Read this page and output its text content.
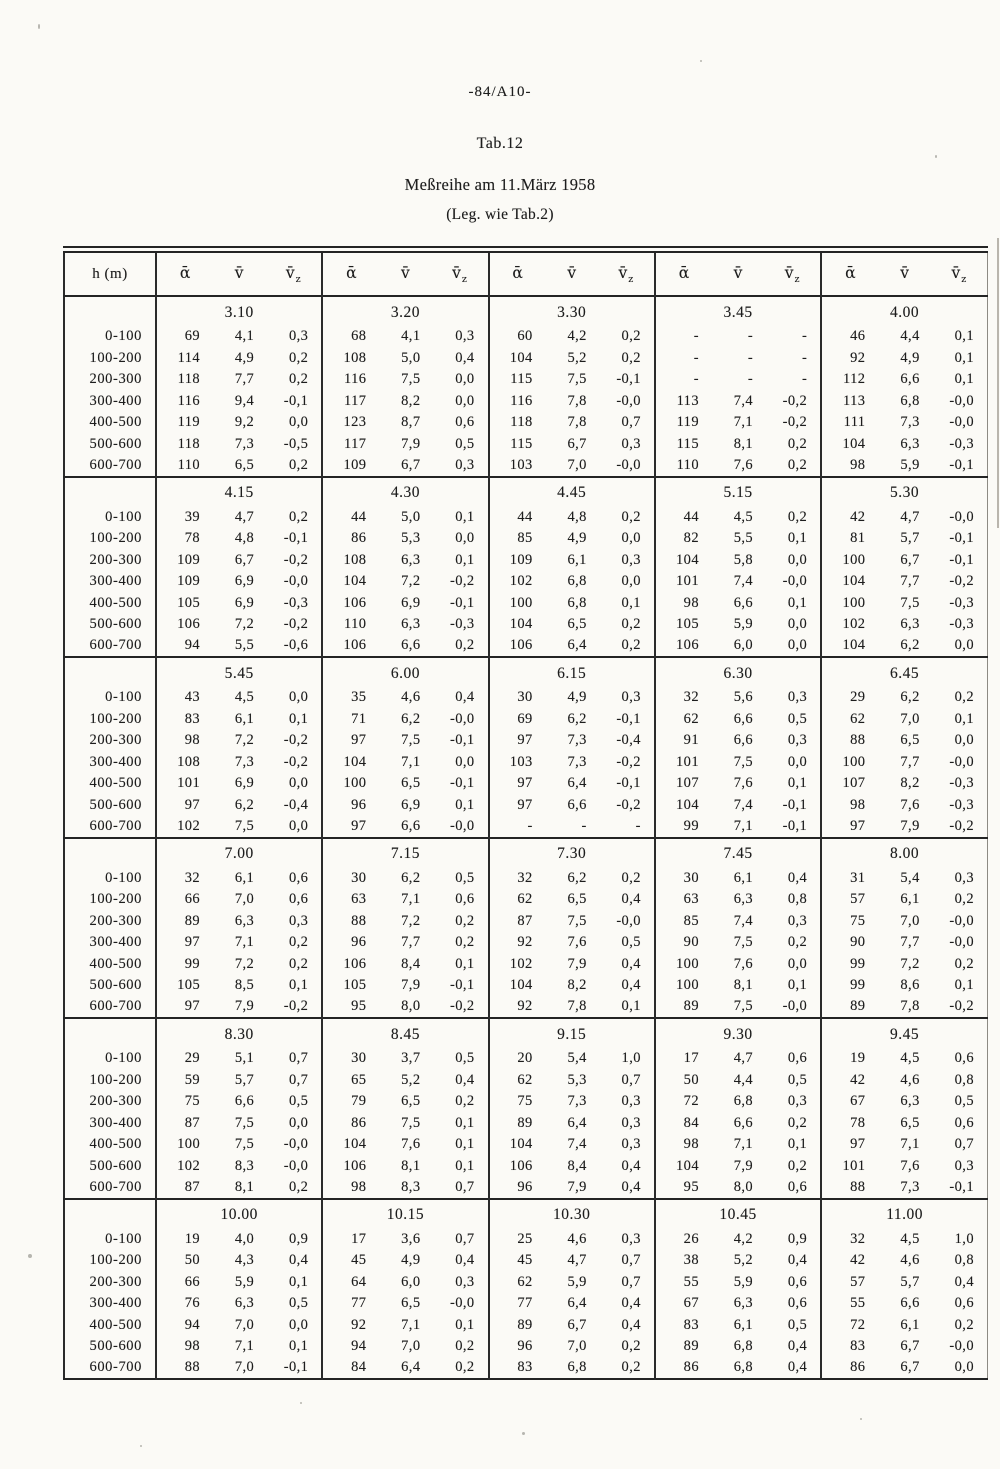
-84/A10-
Tab.12
Meßreihe am 11.März 1958
(Leg. wie Tab.2)
h (m)	ᾱ v̄ $v̄_z$	ᾱ v̄ $v̄_z$	ᾱ v̄ $v̄_z$	ᾱ v̄ $v̄_z$	ᾱ v̄ $v̄_z$

	3.10	3.20	3.30	3.45	4.00
0-100	69 4,1 0,3	68 4,1 0,3	60 4,2 0,2	- - -	46 4,4 0,1

100-200	114 4,9 0,2	108 5,0 0,4	104 5,2 0,2	- - -	92 4,9 0,1

200-300	118 7,7 0,2	116 7,5 0,0	115 7,5 -0,1	- - -	112 6,6 0,1

300-400	116 9,4 -0,1	117 8,2 0,0	116 7,8 -0,0	113 7,4 -0,2	113 6,8 -0,0

400-500	119 9,2 0,0	123 8,7 0,6	118 7,8 0,7	119 7,1 -0,2	111 7,3 -0,0

500-600	118 7,3 -0,5	117 7,9 0,5	115 6,7 0,3	115 8,1 0,2	104 6,3 -0,3

600-700	110 6,5 0,2	109 6,7 0,3	103 7,0 -0,0	110 7,6 0,2	98 5,9 -0,1

	4.15	4.30	4.45	5.15	5.30
0-100	39 4,7 0,2	44 5,0 0,1	44 4,8 0,2	44 4,5 0,2	42 4,7 -0,0

100-200	78 4,8 -0,1	86 5,3 0,0	85 4,9 0,0	82 5,5 0,1	81 5,7 -0,1

200-300	109 6,7 -0,2	108 6,3 0,1	109 6,1 0,3	104 5,8 0,0	100 6,7 -0,1

300-400	109 6,9 -0,0	104 7,2 -0,2	102 6,8 0,0	101 7,4 -0,0	104 7,7 -0,2

400-500	105 6,9 -0,3	106 6,9 -0,1	100 6,8 0,1	98 6,6 0,1	100 7,5 -0,3

500-600	106 7,2 -0,2	110 6,3 -0,3	104 6,5 0,2	105 5,9 0,0	102 6,3 -0,3

600-700	94 5,5 -0,6	106 6,6 0,2	106 6,4 0,2	106 6,0 0,0	104 6,2 0,0

	5.45	6.00	6.15	6.30	6.45
0-100	43 4,5 0,0	35 4,6 0,4	30 4,9 0,3	32 5,6 0,3	29 6,2 0,2

100-200	83 6,1 0,1	71 6,2 -0,0	69 6,2 -0,1	62 6,6 0,5	62 7,0 0,1

200-300	98 7,2 -0,2	97 7,5 -0,1	97 7,3 -0,4	91 6,6 0,3	88 6,5 0,0

300-400	108 7,3 -0,2	104 7,1 0,0	103 7,3 -0,2	101 7,5 0,0	100 7,7 -0,0

400-500	101 6,9 0,0	100 6,5 -0,1	97 6,4 -0,1	107 7,6 0,1	107 8,2 -0,3

500-600	97 6,2 -0,4	96 6,9 0,1	97 6,6 -0,2	104 7,4 -0,1	98 7,6 -0,3

600-700	102 7,5 0,0	97 6,6 -0,0	- - -	99 7,1 -0,1	97 7,9 -0,2

	7.00	7.15	7.30	7.45	8.00
0-100	32 6,1 0,6	30 6,2 0,5	32 6,2 0,2	30 6,1 0,4	31 5,4 0,3

100-200	66 7,0 0,6	63 7,1 0,6	62 6,5 0,4	63 6,3 0,8	57 6,1 0,2

200-300	89 6,3 0,3	88 7,2 0,2	87 7,5 -0,0	85 7,4 0,3	75 7,0 -0,0

300-400	97 7,1 0,2	96 7,7 0,2	92 7,6 0,5	90 7,5 0,2	90 7,7 -0,0

400-500	99 7,2 0,2	106 8,4 0,1	102 7,9 0,4	100 7,6 0,0	99 7,2 0,2

500-600	105 8,5 0,1	105 7,9 -0,1	104 8,2 0,4	100 8,1 0,1	99 8,6 0,1

600-700	97 7,9 -0,2	95 8,0 -0,2	92 7,8 0,1	89 7,5 -0,0	89 7,8 -0,2

	8.30	8.45	9.15	9.30	9.45
0-100	29 5,1 0,7	30 3,7 0,5	20 5,4 1,0	17 4,7 0,6	19 4,5 0,6

100-200	59 5,7 0,7	65 5,2 0,4	62 5,3 0,7	50 4,4 0,5	42 4,6 0,8

200-300	75 6,6 0,5	79 6,5 0,2	75 7,3 0,3	72 6,8 0,3	67 6,3 0,5

300-400	87 7,5 0,0	86 7,5 0,1	89 6,4 0,3	84 6,6 0,2	78 6,5 0,6

400-500	100 7,5 -0,0	104 7,6 0,1	104 7,4 0,3	98 7,1 0,1	97 7,1 0,7

500-600	102 8,3 -0,0	106 8,1 0,1	106 8,4 0,4	104 7,9 0,2	101 7,6 0,3

600-700	87 8,1 0,2	98 8,3 0,7	96 7,9 0,4	95 8,0 0,6	88 7,3 -0,1

	10.00	10.15	10.30	10.45	11.00
0-100	19 4,0 0,9	17 3,6 0,7	25 4,6 0,3	26 4,2 0,9	32 4,5 1,0

100-200	50 4,3 0,4	45 4,9 0,4	45 4,7 0,7	38 5,2 0,4	42 4,6 0,8

200-300	66 5,9 0,1	64 6,0 0,3	62 5,9 0,7	55 5,9 0,6	57 5,7 0,4

300-400	76 6,3 0,5	77 6,5 -0,0	77 6,4 0,4	67 6,3 0,6	55 6,6 0,6

400-500	94 7,0 0,0	92 7,1 0,1	89 6,7 0,4	83 6,1 0,5	72 6,1 0,2

500-600	98 7,1 0,1	94 7,0 0,2	96 7,0 0,2	89 6,8 0,4	83 6,7 -0,0

600-700	88 7,0 -0,1	84 6,4 0,2	83 6,8 0,2	86 6,8 0,4	86 6,7 0,0
